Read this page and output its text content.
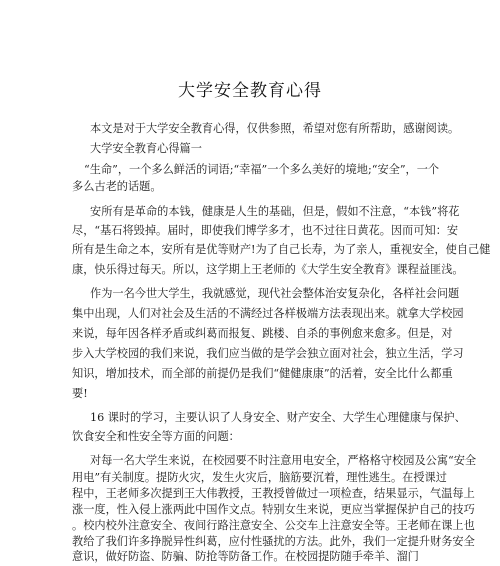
大学安全教育心得
本文是对于大学安全教育心得，仅供参照，希望对您有所帮助，感谢阅读。
大学安全教育心得篇一
“生命”，一个多么鲜活的词语;“幸福”一个多么美好的境地;“安全”，一个
多么古老的话题。
安所有是革命的本钱，健康是人生的基础，但是，假如不注意，“本钱”将花
尽，“基石将毁掉。届时，即使我们博学多才，也不过往日黄花。因而可知：安
所有是生命之本，安所有是优等财产!为了自己长寿，为了亲人，重视安全，使自己健
康，快乐得过每天。所以，这学期上王老师的《大学生安全教育》课程益匪浅。
作为一名今世大学生，我就感觉，现代社会整体治安复杂化，各样社会问题
集中出现，人们对社会及生活的不满经过各样极端方法表现出来。就拿大学校园
来说，每年因各样矛盾或纠葛而报复、跳楼、自杀的事例愈来愈多。但是，对
步入大学校园的我们来说，我们应当做的是学会独立面对社会，独立生活，学习
知识，增加技术，而全部的前提仍是我们“健健康康”的活着，安全比什么都重
要!
16 课时的学习，主要认识了人身安全、财产安全、大学生心理健康与保护、
饮食安全和性安全等方面的问题：
对每一名大学生来说，在校园要不时注意用电安全，严格格守校园及公寓“安全
用电”有关制度。提防火灾，发生火灾后，脑筋要沉着，理性逃生。在授课过
程中，王老师多次提到王大伟教授，王教授曾做过一项检查，结果显示，气温每上
涨一度，性入侵上涨两此中国作文点。特别女生来说，更应当掌握保护自己的技巧
。校内校外注意安全、夜间行路注意安全、公交车上注意安全等。王老师在课上也
教给了我们许多挣脱异性纠葛，应付性骚扰的方法。此外，我们一定提升财务安全
意识，做好防盗、防骗、防抢等防备工作。在校园提防随手牵羊、溜门
